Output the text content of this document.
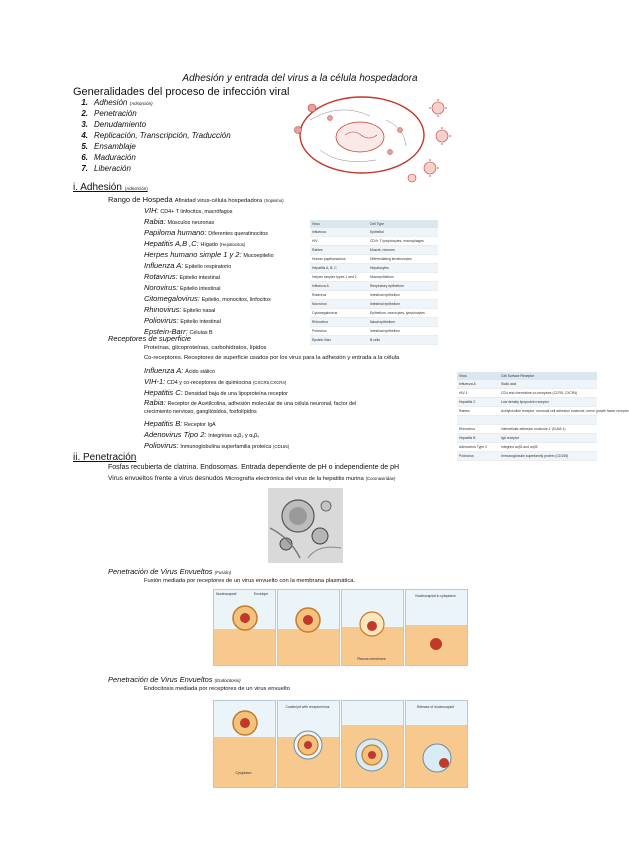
Adhesión y entrada del virus a la célula hospedadora
Generalidades del proceso de infección viral
1. Adhesión (Adsorción)
2. Penetración
3. Denudamiento
4. Replicación, Transcripción, Traducción
5. Ensamblaje
6. Maduración
7. Liberación
i. Adhesión (Adsorción)
Rango de Hospeda Afinidad virus-célula hospedadora (tropismo)
VIH: CD4+ T linfocitos, macrófagos
Rabia: Músculos neuronas
Papiloma humano: Diferentes queratinocitos
Hepatitis A,B ,C: Hígado (Hepatocitos)
Herpes humano simple 1 y 2: Mucoepitelio
Influenza A: Epitelio respiratorio
Rotavirus: Epitelio intestinal
Norovirus: Epitelio intestinal
Citomegalovirus: Epitelio, monocitos, linfocitos
Rhinovirus: Epitelio nasal
Poliovirus: Epitelio intestinal
Epstein-Barr: Células B
Virus	Cell Type
Influenza	Epithelial
HIV	CD4+ T lymphocytes, macrophages
Rabies	Muscle, neurons
Human papillomavirus	Differentiating keratinocytes
Hepatitis A, B, C	Hepatocytes
Herpes simplex types 1 and 2	Mucoepithelium
Influenza A	Respiratory epithelium
Rotavirus	Intestinal epithelium
Norovirus	Intestinal epithelium
Cytomegalovirus	Epithelium, monocytes, lymphocytes
Rhinovirus	Nasal epithelium
Poliovirus	Intestinal epithelium
Epstein-Barr	B cells
Receptores de superficie
Proteínas, glicoproteínas, carbohidratos, lípidos
Co-receptores. Receptores de superficie usados por los virus para la adhesión y entrada a la célula
Influenza A: Ácido siálico
VIH-1: CD4 y co-receptores de quimiocina (CXCR5,CXCR4)
Hepatitis C: Densidad baja de una lipoproteína receptor
Rabia: Receptor de Acetilcolina, adhesión molecular de una célula neuronal, factor del
crecimiento nervioso, gangliósidos, fosfolípidos
Hepatitis B: Receptor IgA
Adenovirus Tipo 2: Integrinas αᵥβ₃ y αᵥβ₅
Poliovirus: Inmunoglobulina superfamilia proteica (CD155)
Virus	Cell Surface Receptor
Influenza A	Sialic acid
HIV-1	CD4 and chemokine co-receptors (CCR5, CXCR4)
Hepatitis C	Low density lipoprotein receptor
Rabies	Acetylcholine receptor, neuronal cell adhesion molecule, nerve growth factor receptor

Rhinovirus	Intercellular adhesion molecule-1 (ICAM-1)
Hepatitis B	IgA receptor
Adenovirus Type 2	Integrins αvβ3 and αvβ5
Poliovirus	Immunoglobulin superfamily protein (CD155)
ii. Penetración
Fosfas recubierta de clatrina. Endosomas. Entrada dependiente de pH o independiente de pH
Virus envueltos frente a virus desnudos Micrografía electrónica del virus de la hepatitis murina (Coronavirídae)
Penetración de Virus Envueltos (Fusión)
Fusión mediada por receptores de un virus envuelto con la membrana plasmática.
Nucleocapsid	Envelope
Plasma membrane
Nucleocapsid in cytoplasm
Penetración de Virus Envueltos (Endocitosis)
Endocitosis mediada por receptores de un virus envuelto
Cytoplasm
Coated pit with receptor/virus	Release of nucleocapsid
